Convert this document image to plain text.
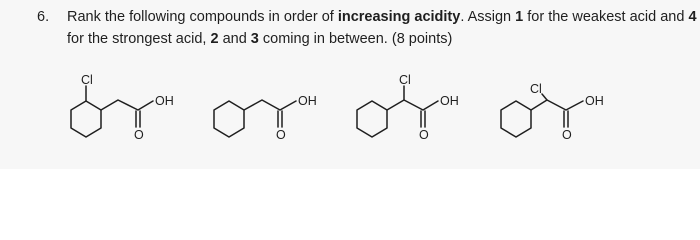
6. Rank the following compounds in order of increasing acidity. Assign 1 for the weakest acid and 4
for the strongest acid, 2 and 3 coming in between. (8 points)
Cl
OH
O
OH
O
Cl
OH
O
Cl
OH
O
